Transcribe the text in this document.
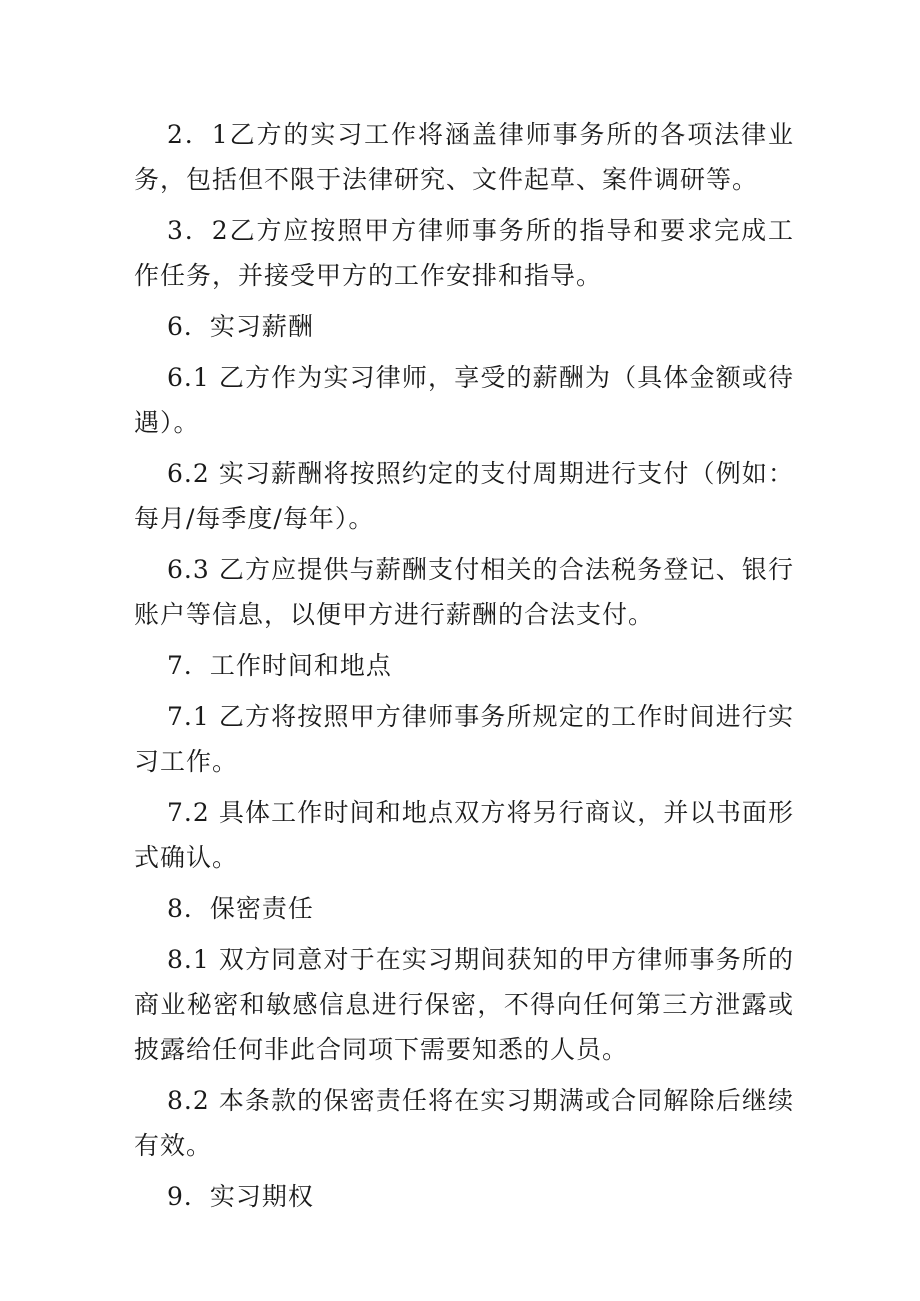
2．1乙方的实习工作将涵盖律师事务所的各项法律业务，包括但不限于法律研究、文件起草、案件调研等。

3．2乙方应按照甲方律师事务所的指导和要求完成工作任务，并接受甲方的工作安排和指导。

6．实习薪酬

6.1 乙方作为实习律师，享受的薪酬为（具体金额或待遇）。

6.2 实习薪酬将按照约定的支付周期进行支付（例如：每月/每季度/每年）。

6.3 乙方应提供与薪酬支付相关的合法税务登记、银行账户等信息，以便甲方进行薪酬的合法支付。

7．工作时间和地点

7.1 乙方将按照甲方律师事务所规定的工作时间进行实习工作。

7.2 具体工作时间和地点双方将另行商议，并以书面形式确认。

8．保密责任

8.1 双方同意对于在实习期间获知的甲方律师事务所的商业秘密和敏感信息进行保密，不得向任何第三方泄露或披露给任何非此合同项下需要知悉的人员。

8.2 本条款的保密责任将在实习期满或合同解除后继续有效。

9．实习期权
